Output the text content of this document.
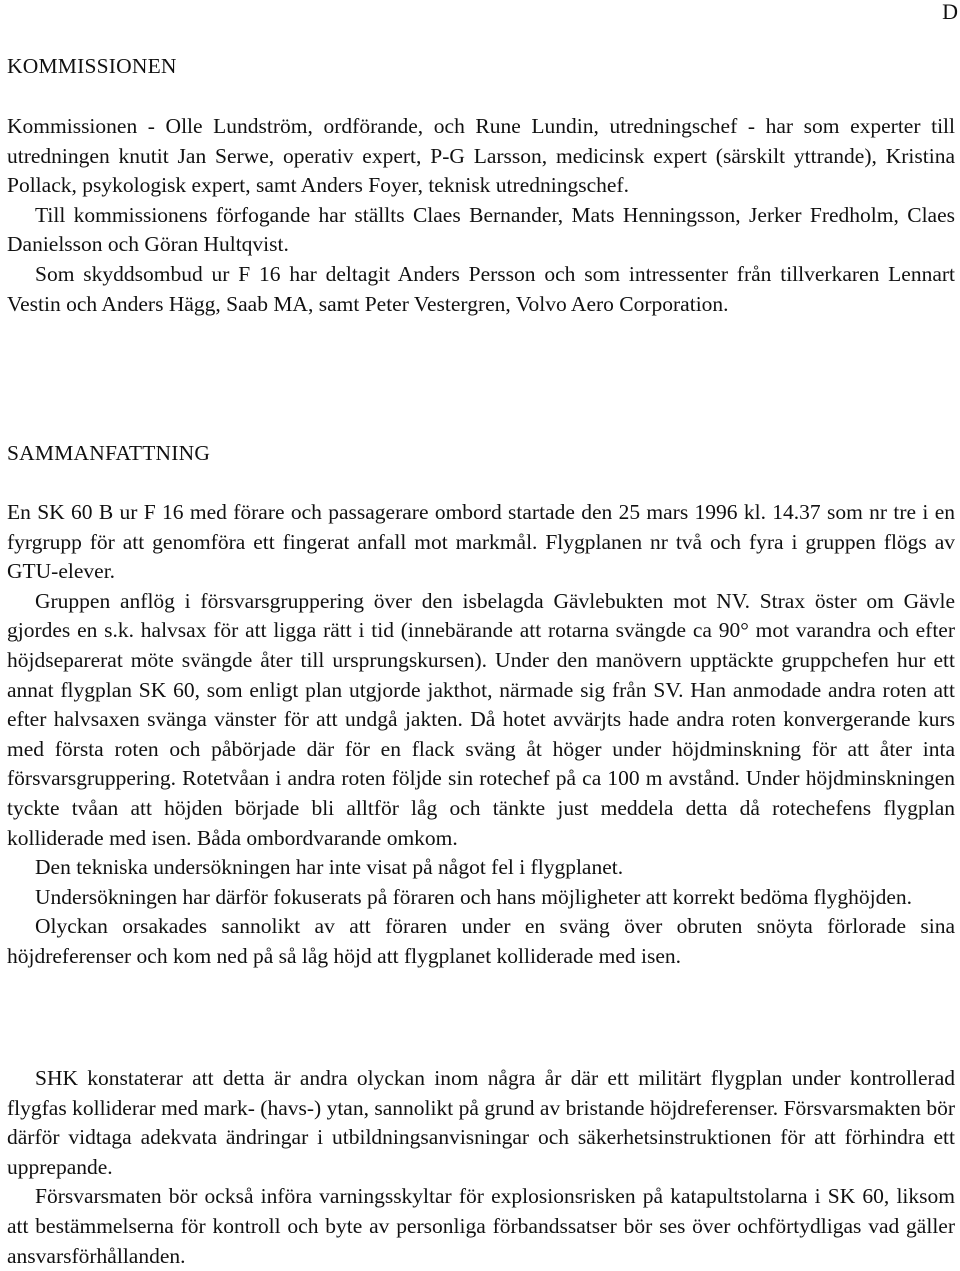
D
KOMMISSIONEN

Kommissionen - Olle Lundström, ordförande, och Rune Lundin, utredningschef - har som experter till utredningen knutit Jan Serwe, operativ expert, P-G Larsson, medicinsk expert (särskilt yttrande), Kristina Pollack, psykologisk expert, samt Anders Foyer, teknisk utredningschef.

Till kommissionens förfogande har ställts Claes Bernander, Mats Henningsson, Jerker Fredholm, Claes Danielsson och Göran Hultqvist.

Som skyddsombud ur F 16 har deltagit Anders Persson och som intressenter från tillverkaren Lennart Vestin och Anders Hägg, Saab MA, samt Peter Vestergren, Volvo Aero Corporation.

SAMMANFATTNING

En SK 60 B ur F 16 med förare och passagerare ombord startade den 25 mars 1996 kl. 14.37 som nr tre i en fyrgrupp för att genomföra ett fingerat anfall mot markmål. Flygplanen nr två och fyra i gruppen flögs av GTU-elever.

Gruppen anflög i försvarsgruppering över den isbelagda Gävlebukten mot NV. Strax öster om Gävle gjordes en s.k. halvsax för att ligga rätt i tid (innebärande att rotarna svängde ca 90° mot varandra och efter höjdseparerat möte svängde åter till ursprungskursen). Under den manövern upptäckte gruppchefen hur ett annat flygplan SK 60, som enligt plan utgjorde jakthot, närmade sig från SV. Han anmodade andra roten att efter halvsaxen svänga vänster för att undgå jakten. Då hotet avvärjts hade andra roten konvergerande kurs med första roten och påbörjade där för en flack sväng åt höger under höjdminskning för att åter inta försvarsgruppering. Rotetvåan i andra roten följde sin rotechef på ca 100 m avstånd. Under höjdminskningen tyckte tvåan att höjden började bli alltför låg och tänkte just meddela detta då rotechefens flygplan kolliderade med isen. Båda ombordvarande omkom.

Den tekniska undersökningen har inte visat på något fel i flygplanet.

Undersökningen har därför fokuserats på föraren och hans möjligheter att korrekt bedöma flyghöjden.

Olyckan orsakades sannolikt av att föraren under en sväng över obruten snöyta förlorade sina höjdreferenser och kom ned på så låg höjd att flygplanet kolliderade med isen.

SHK konstaterar att detta är andra olyckan inom några år där ett militärt flygplan under kontrollerad flygfas kolliderar med mark- (havs-) ytan, sannolikt på grund av bristande höjdreferenser. Försvarsmakten bör därför vidtaga adekvata ändringar i utbildningsanvisningar och säkerhetsinstruktionen för att förhindra ett upprepande.

Försvarsmaten bör också införa varningsskyltar för explosionsrisken på katapultstolarna i SK 60, liksom att bestämmelserna för kontroll och byte av personliga förbandssatser bör ses över ochförtydligas vad gäller ansvarsförhållanden.
